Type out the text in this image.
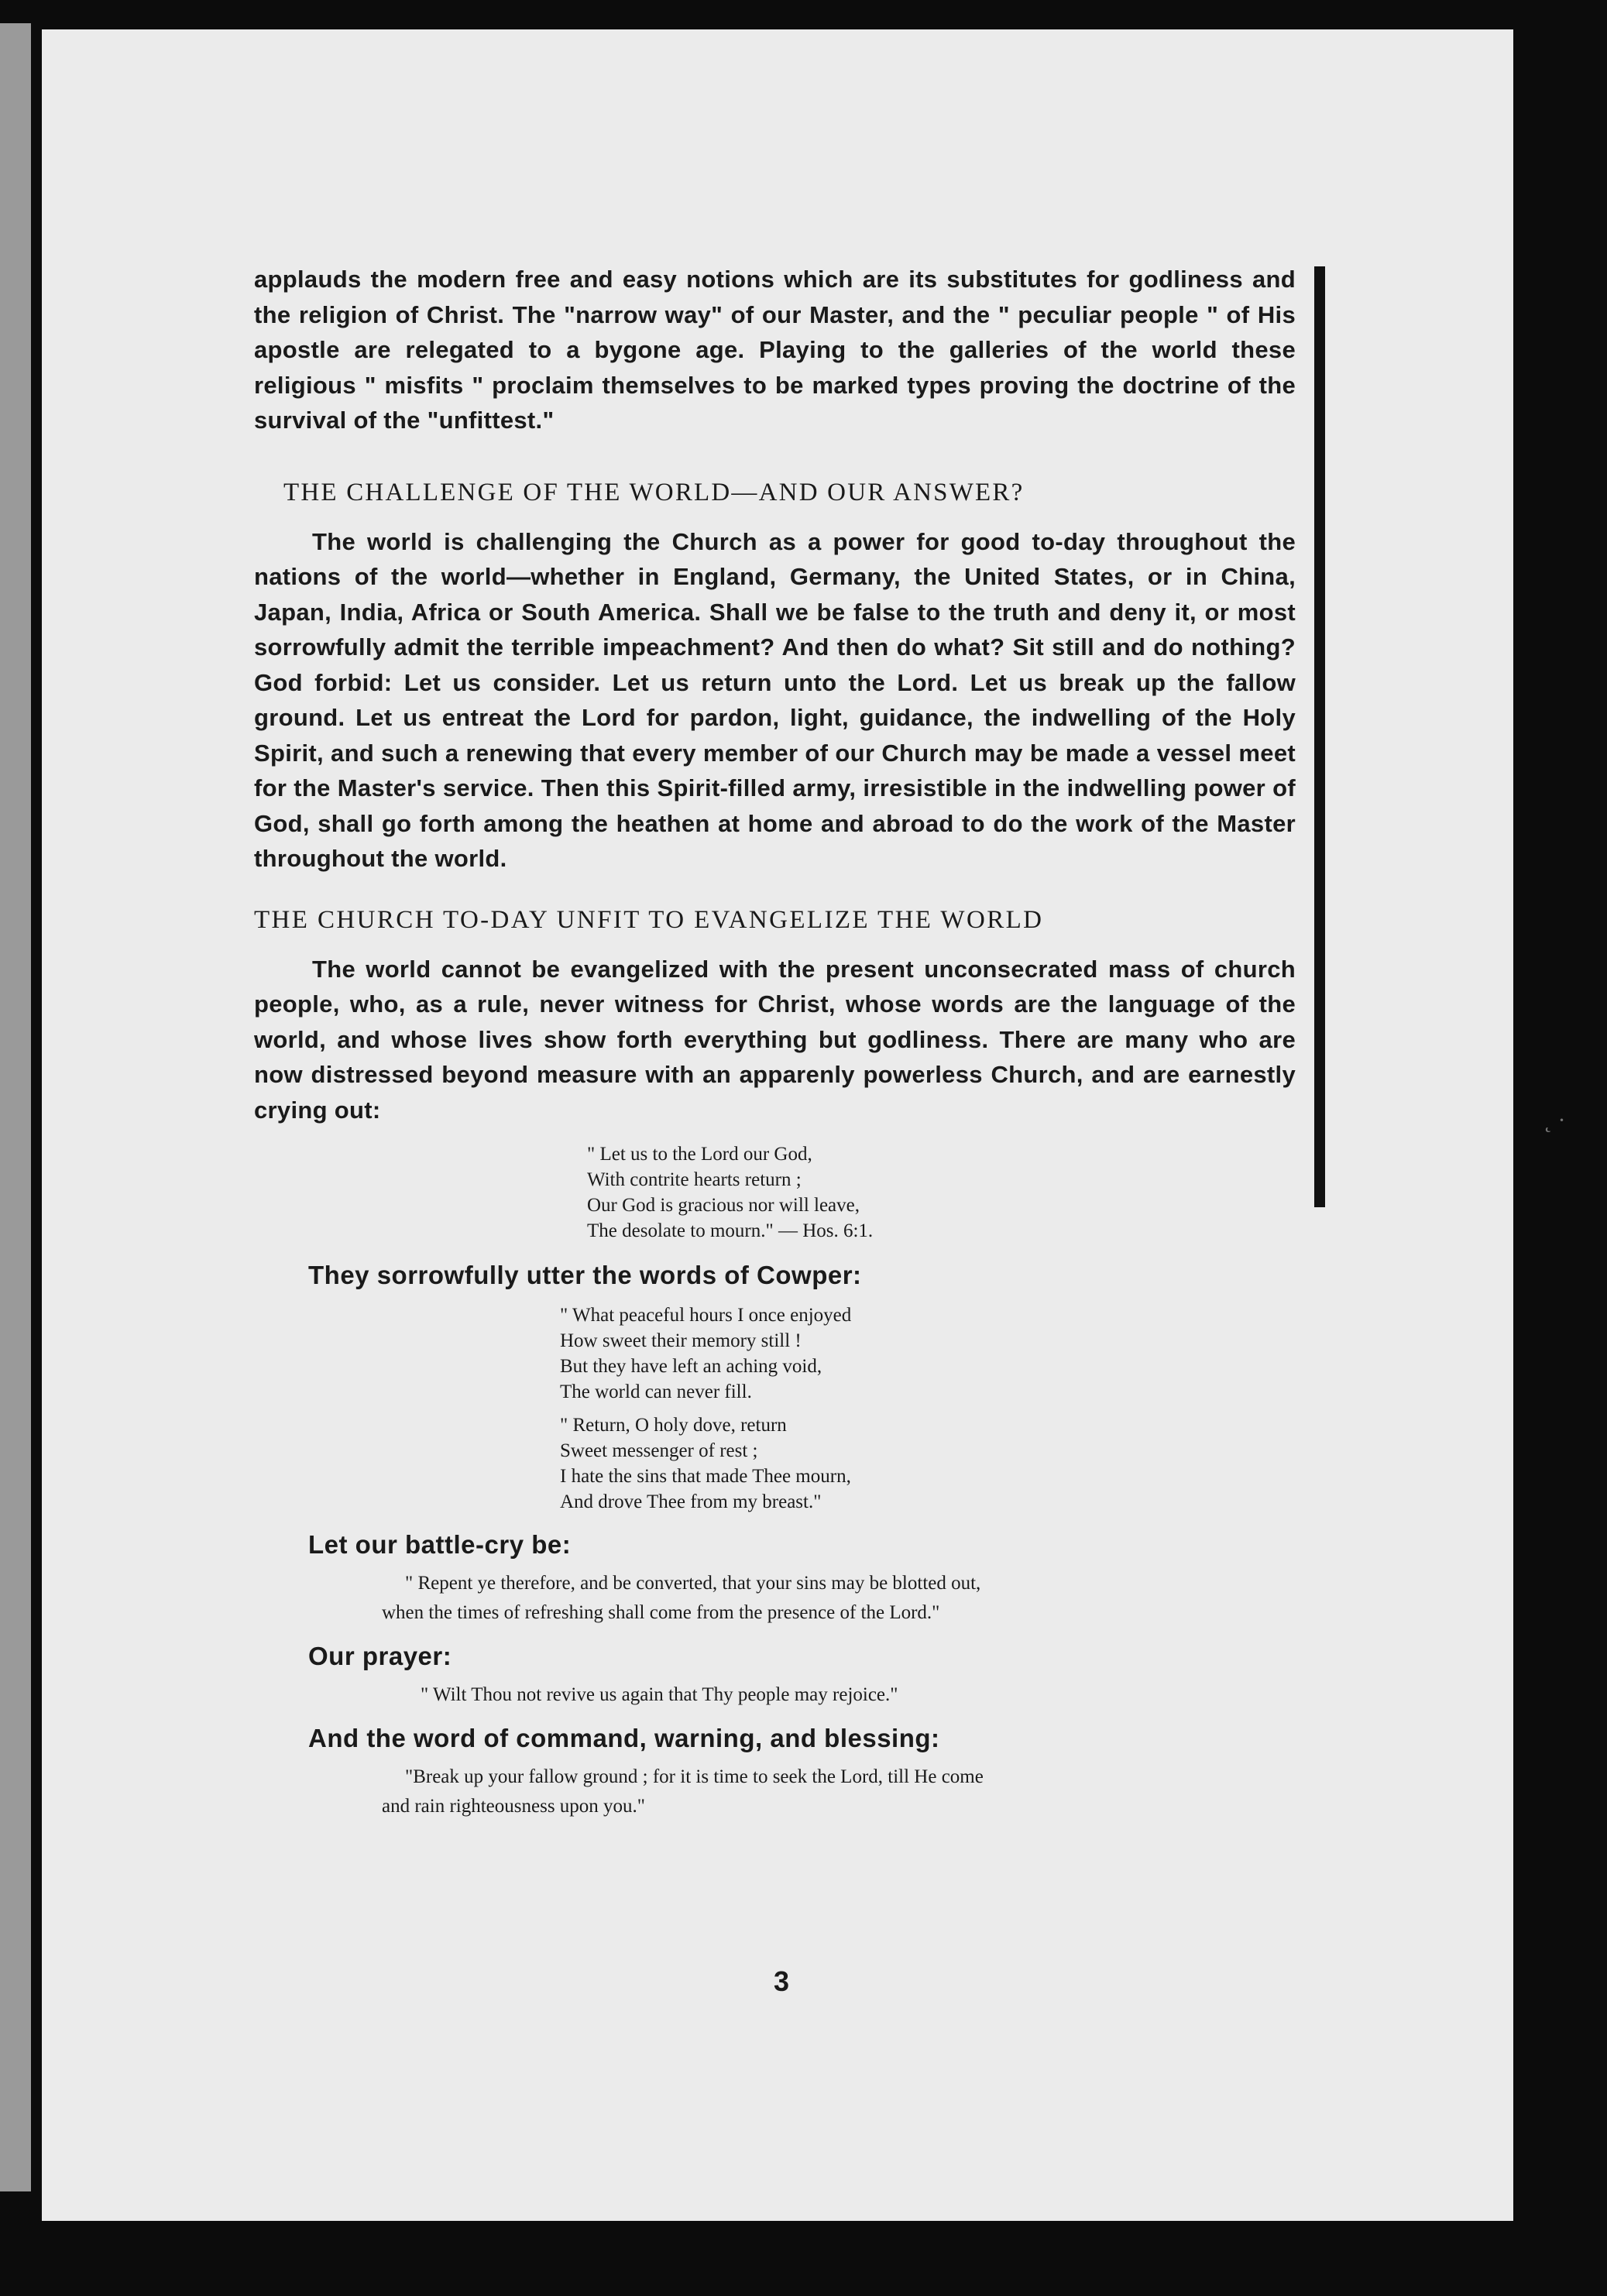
˛ ·

applauds the modern free and easy notions which are its substitutes for godliness and the religion of Christ. The "narrow way" of our Master, and the " peculiar people " of His apostle are relegated to a bygone age. Playing to the galleries of the world these religious " misfits " proclaim themselves to be marked types proving the doctrine of the survival of the "unfittest."

THE CHALLENGE OF THE WORLD—AND OUR ANSWER?

The world is challenging the Church as a power for good to-day throughout the nations of the world—whether in England, Germany, the United States, or in China, Japan, India, Africa or South America. Shall we be false to the truth and deny it, or most sorrowfully admit the terrible impeachment? And then do what? Sit still and do nothing? God forbid: Let us consider. Let us return unto the Lord. Let us break up the fallow ground. Let us entreat the Lord for pardon, light, guidance, the indwelling of the Holy Spirit, and such a renewing that every member of our Church may be made a vessel meet for the Master's service. Then this Spirit-filled army, irresistible in the indwelling power of God, shall go forth among the heathen at home and abroad to do the work of the Master throughout the world.

THE CHURCH TO-DAY UNFIT TO EVANGELIZE THE WORLD

The world cannot be evangelized with the present unconsecrated mass of church people, who, as a rule, never witness for Christ, whose words are the language of the world, and whose lives show forth everything but godliness. There are many who are now distressed beyond measure with an apparenly powerless Church, and are earnestly crying out:

" Let us to the Lord our God,

With contrite hearts return ;

Our God is gracious nor will leave,

The desolate to mourn." — Hos. 6:1.

They sorrowfully utter the words of Cowper:

" What peaceful hours I once enjoyed

How sweet their memory still !

But they have left an aching void,

The world can never fill.

" Return, O holy dove, return

Sweet messenger of rest ;

I hate the sins that made Thee mourn,

And drove Thee from my breast."

Let our battle-cry be:

" Repent ye therefore, and be converted, that your sins may be blotted out,

when the times of refreshing shall come from the presence of the Lord."

Our prayer:

" Wilt Thou not revive us again that Thy people may rejoice."

And the word of command, warning, and blessing:

"Break up your fallow ground ; for it is time to seek the Lord, till He come

and rain righteousness upon you."

3
